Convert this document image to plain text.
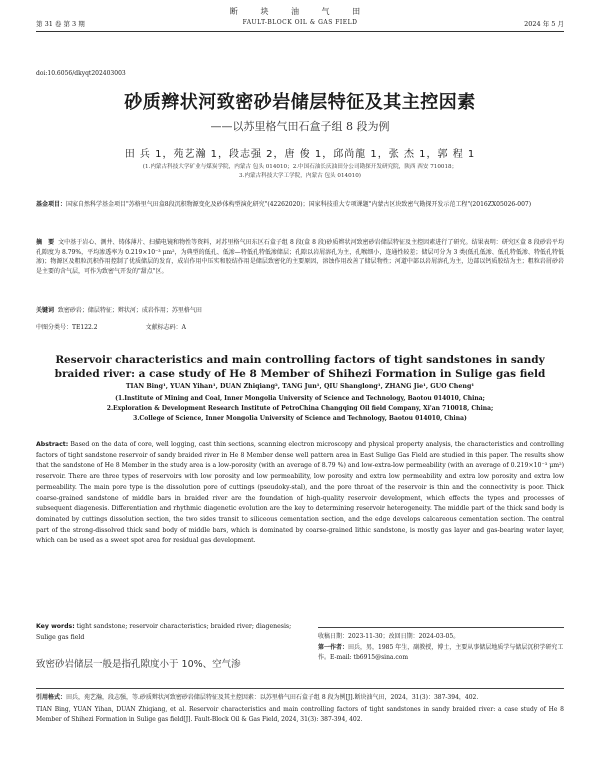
断 块 油 气 田
第 31 卷 第 3 期	FAULT-BLOCK OIL & GAS FIELD	2024 年 5 月
doi:10.6056/dkyqt202403003
砂质辫状河致密砂岩储层特征及其主控因素
——以苏里格气田石盒子组 8 段为例
田 兵 1，苑艺瀚 1，段志强 2，唐 俊 1，邱尚龍 1，张 杰 1，郭 程 1
(1.内蒙古科技大学矿业与煤炭学院，内蒙古 包头 014010；2.中国石油长庆油田分公司勘探开发研究院，陕西 西安 710018；
3.内蒙古科技大学工学院，内蒙古 包头 014010)
基金项目：国家自然科学基金项目"苏格里气田盒8段沉积物源变化及砂体构型演化研究"(42262020)；国家科技重大专项课题"内蒙古区块致密气勘探开发示范工程"(2016ZX05026-007)
摘　要 文中基于岩心、测井、铸体薄片、扫描电镜和物性等资料，对苏里格气田东区石盒子组 8 段(盒 8 段)砂质辫状河致密砂岩储层特征及主控因素进行了研究。结果表明：研究区盒 8 段砂岩平均孔隙度为 8.79%，平均渗透率为 0.219×10⁻³ μm²，为典型的低孔、低渗—特低孔特低渗储层；孔隙以岩屑溶孔为主，孔喉细小，连通性较差；储层可分为 3 类(低孔低渗、低孔特低渗、特低孔特低渗)；物源区及粗粒沉积作用控制了优质储层的发育，成岩作用中压实和胶结作用是储层致密化的主要原因，溶蚀作用改善了储层物性；河道中部以岩屑溶孔为主，边部以钙质胶结为主；粗粒岩屑砂岩是主要的含气层，可作为致密气开发的"甜点"区。
关键词 致密砂岩；储层特征；辫状河；成岩作用；苏里格气田
中图分类号：TE122.2	文献标志码：A
Reservoir characteristics and main controlling factors of tight sandstones in sandy braided river: a case study of He 8 Member of Shihezi Formation in Sulige gas field
TIAN Bing¹, YUAN Yihan¹, DUAN Zhiqiang², TANG Jun¹, QIU Shanglong¹, ZHANG Jie¹, GUO Cheng¹
(1.Institute of Mining and Coal, Inner Mongolia University of Science and Technology, Baotou 014010, China;
2.Exploration & Development Research Institute of PetroChina Changqing Oil field Company, Xi'an 710018, China;
3.College of Science, Inner Mongolia University of Science and Technology, Baotou 014010, China)
Abstract: Based on the data of core, well logging, cast thin sections, scanning electron microscopy and physical property analysis, the characteristics and controlling factors of tight sandstone reservoir of sandy braided river in He 8 Member dense well pattern area in East Sulige Gas Field are studied in this paper. The results show that the sandstone of He 8 Member in the study area is a low-porosity (with an average of 8.79 %) and low-extra-low permeability (with an average of 0.219×10⁻³ μm²) reservoir. There are three types of reservoirs with low porosity and low permeability, low porosity and extra low permeability and extra low porosity and extra low permeability. The main pore type is the dissolution pore of cuttings (pseudoky-stal), and the pore throat of the reservoir is thin and the connectivity is poor. Thick coarse-grained sandstone of middle bars in braided river are the foundation of high-quality reservoir development, which effects the types and processes of subsequent diagenesis. Differentiation and rhythmic diagenetic evolution are the key to determining reservoir heterogeneity. The middle part of the thick sand body is dominated by cuttings dissolution section, the two sides transit to siliceous cementation section, and the edge develops calcareous cementation section. The central part of the strong-dissolved thick sand body of middle bars, which is dominated by coarse-grained lithic sandstone, is mostly gas layer and gas-bearing water layer, which can be used as a sweet spot area for residual gas development.
Key words: tight sandstone; reservoir characteristics; braided river; diagenesis; Sulige gas field
致密砂岩储层一般是指孔隙度小于 10%、空气渗
收稿日期：2023-11-30；改回日期：2024-03-05。
第一作者：田兵，男，1985 年生，副教授，博士，主要从事储层地质学与储层沉积学研究工作。E-mail: tb6915@sina.com
引用格式：田兵，苑艺瀚，段志强，等.砂质辫状河致密砂岩储层特征及其主控因素：以苏里格气田石盒子组 8 段为例[J].断块油气田，2024，31(3)：387-394，402.
TIAN Bing, YUAN Yihan, DUAN Zhiqiang, et al. Reservoir characteristics and main controlling factors of tight sandstones in sandy braided river: a case study of He 8 Member of Shihezi Formation in Sulige gas field[J]. Fault-Block Oil & Gas Field, 2024, 31(3): 387-394, 402.
